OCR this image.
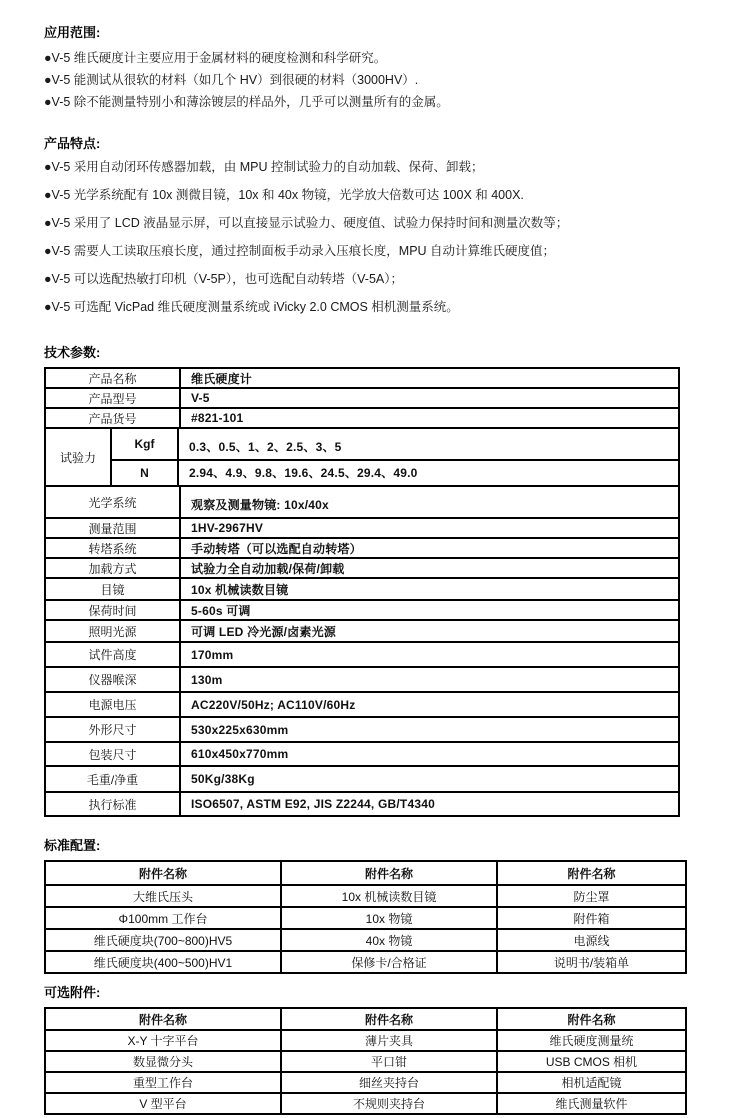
应用范围:
●V-5 维氏硬度计主要应用于金属材料的硬度检测和科学研究。
●V-5 能测试从很软的材料（如几个 HV）到很硬的材料（3000HV）.
●V-5 除不能测量特别小和薄涂镀层的样品外，几乎可以测量所有的金属。
产品特点:
●V-5 采用自动闭环传感器加载，由 MPU 控制试验力的自动加载、保荷、卸载；
●V-5 光学系统配有 10x 测微目镜，10x 和 40x 物镜，光学放大倍数可达 100X 和 400X.
●V-5 采用了 LCD 液晶显示屏，可以直接显示试验力、硬度值、试验力保持时间和测量次数等；
●V-5 需要人工读取压痕长度，通过控制面板手动录入压痕长度，MPU 自动计算维氏硬度值；
●V-5 可以选配热敏打印机（V-5P），也可选配自动转塔（V-5A）；
●V-5 可选配 VicPad 维氏硬度测量系统或 iVicky 2.0 CMOS 相机测量系统。
技术参数:
产品名称	维氏硬度计
产品型号	V-5
产品货号	#821-101
试验力
Kgf	0.3、0.5、1、2、2.5、3、5
N	2.94、4.9、9.8、19.6、24.5、29.4、49.0
光学系统	观察及测量物镜: 10x/40x
测量范围	1HV-2967HV
转塔系统	手动转塔（可以选配自动转塔）
加载方式	试验力全自动加载/保荷/卸载
目镜	10x 机械读数目镜
保荷时间	5-60s 可调
照明光源	可调 LED 冷光源/卤素光源
试件高度	170mm
仪器喉深	130m
电源电压	AC220V/50Hz; AC110V/60Hz
外形尺寸	530x225x630mm
包装尺寸	610x450x770mm
毛重/净重	50Kg/38Kg
执行标准	ISO6507, ASTM E92, JIS Z2244, GB/T4340
标准配置:
附件名称	附件名称	附件名称
大维氏压头	10x 机械读数目镜	防尘罩
Φ100mm 工作台	10x 物镜	附件箱
维氏硬度块(700~800)HV5	40x 物镜	电源线
维氏硬度块(400~500)HV1	保修卡/合格证	说明书/装箱单
可选附件:
附件名称	附件名称	附件名称
X-Y 十字平台	薄片夹具	维氏硬度测量统
数显微分头	平口钳	USB CMOS 相机
重型工作台	细丝夹持台	相机适配镜
V 型平台	不规则夹持台	维氏测量软件
